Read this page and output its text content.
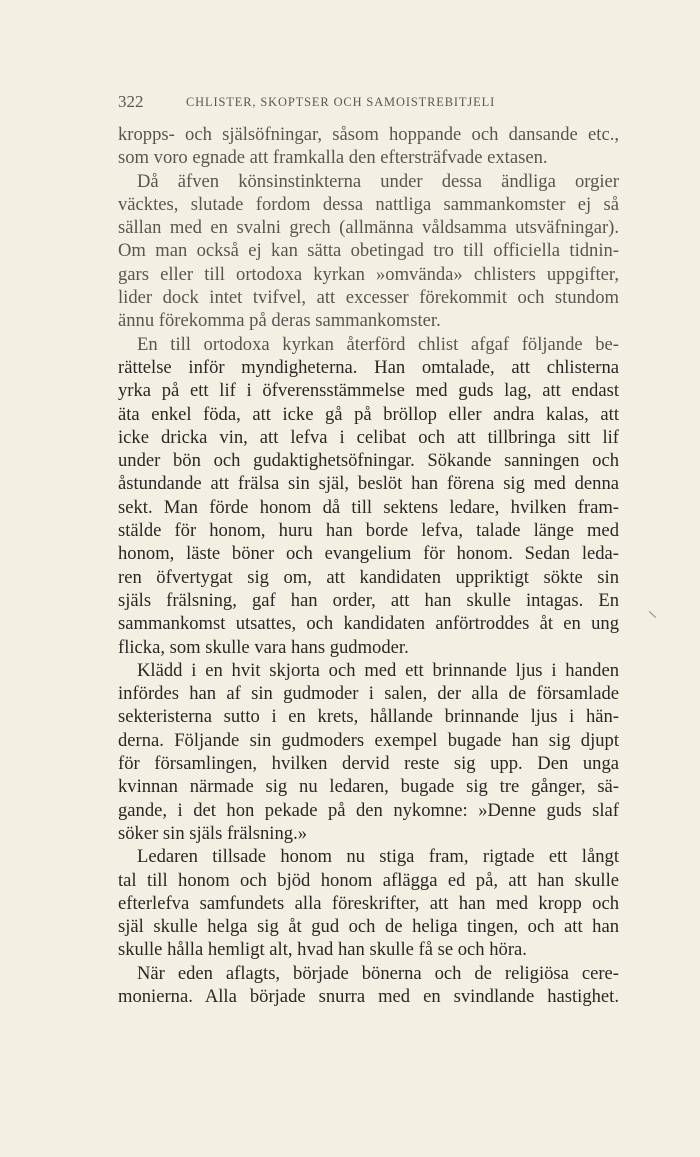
322	CHLISTER, SKOPTSER OCH SAMOISTREBITJELI
kropps- och själsöfningar, såsom hoppande och dansande etc.,
som voro egnade att framkalla den eftersträfvade extasen.
Då äfven könsinstinkterna under dessa ändliga orgier
väcktes, slutade fordom dessa nattliga sammankomster ej så
sällan med en svalni grech (allmänna våldsamma utsväfningar).
Om man också ej kan sätta obetingad tro till officiella tidnin-
gars eller till ortodoxa kyrkan »omvända» chlisters uppgifter,
lider dock intet tvifvel, att excesser förekommit och stundom
ännu förekomma på deras sammankomster.
En till ortodoxa kyrkan återförd chlist afgaf följande be-
rättelse inför myndigheterna. Han omtalade, att chlisterna
yrka på ett lif i öfverensstämmelse med guds lag, att endast
äta enkel föda, att icke gå på bröllop eller andra kalas, att
icke dricka vin, att lefva i celibat och att tillbringa sitt lif
under bön och gudaktighetsöfningar. Sökande sanningen och
åstundande att frälsa sin själ, beslöt han förena sig med denna
sekt. Man förde honom då till sektens ledare, hvilken fram-
stälde för honom, huru han borde lefva, talade länge med
honom, läste böner och evangelium för honom. Sedan leda-
ren öfvertygat sig om, att kandidaten uppriktigt sökte sin
själs frälsning, gaf han order, att han skulle intagas. En
sammankomst utsattes, och kandidaten anförtroddes åt en ung
flicka, som skulle vara hans gudmoder.
Klädd i en hvit skjorta och med ett brinnande ljus i handen
infördes han af sin gudmoder i salen, der alla de församlade
sekteristerna sutto i en krets, hållande brinnande ljus i hän-
derna. Följande sin gudmoders exempel bugade han sig djupt
för församlingen, hvilken dervid reste sig upp. Den unga
kvinnan närmade sig nu ledaren, bugade sig tre gånger, sä-
gande, i det hon pekade på den nykomne: »Denne guds slaf
söker sin själs frälsning.»
Ledaren tillsade honom nu stiga fram, rigtade ett långt
tal till honom och bjöd honom aflägga ed på, att han skulle
efterlefva samfundets alla föreskrifter, att han med kropp och
själ skulle helga sig åt gud och de heliga tingen, och att han
skulle hålla hemligt alt, hvad han skulle få se och höra.
När eden aflagts, började bönerna och de religiösa cere-
monierna. Alla började snurra med en svindlande hastighet.
